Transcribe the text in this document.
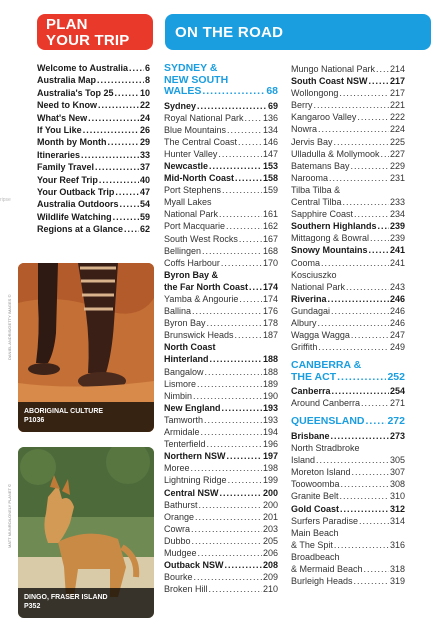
PLAN
YOUR TRIP	ON THE ROAD
ripse
Welcome to Australia ..... 6
Australia Map .....	8
Australia's Top 25 .....	10
Need to Know .....	22
What's New .....	24
If You Like .....	26
Month by Month .....	29
Itineraries .....	33
Family Travel .....	37
Your Reef Trip .....	40
Your Outback Trip .....	47
Australia Outdoors ..... 54
Wildlife Watching .....	59
Regions at a Glance ..... 62
ABORIGINAL CULTURE
P1036
DANIEL ANDRIS/GETTY IMAGES ©
DINGO, FRASER ISLAND
P352
MATT MUNRO/LONELY PLANET ©
SYDNEY &
NEW SOUTH
WALES .....	68
Sydney .....	69
Royal National Park ..... 136
Blue Mountains .....	134
The Central Coast .....	146
Hunter Valley .....	147
Newcastle .....	153
Mid-North Coast .....	158
Port Stephens .....	159
Myall Lakes
National Park .....	161
Port Macquarie .....	162
South West Rocks .....	167
Bellingen .....	168
Coffs Harbour .....	170
Byron Bay &
the Far North Coast ..... 174
Yamba & Angourie .....	174
Ballina .....	176
Byron Bay .....	178
Brunswick Heads .....	187
North Coast
Hinterland .....	188
Bangalow .....	188
Lismore .....	189
Nimbin .....	190
New England .....	193
Tamworth .....	193
Armidale .....	194
Tenterfield .....	196
Northern NSW .....	197
Moree .....	198
Lightning Ridge .....	199
Central NSW .....	200
Bathurst .....	200
Orange .....	201
Cowra .....	203
Dubbo .....	205
Mudgee .....	206
Outback NSW .....	208
Bourke .....	209
Broken Hill .....	210
Mungo National Park ..... 214
South Coast NSW ..... 217
Wollongong .....	217
Berry .....	221
Kangaroo Valley .....	222
Nowra .....	224
Jervis Bay .....	225
Ulladulla & Mollymook ..... 227
Batemans Bay .....	229
Narooma .....	231
Tilba Tilba &
Central Tilba .....	233
Sapphire Coast .....	234
Southern Highlands ..... 239
Mittagong & Bowral ..... 239
Snowy Mountains ..... 241
Cooma .....	241
Kosciuszko
National Park .....	243
Riverina .....	246
Gundagai .....	246
Albury .....	246
Wagga Wagga .....	247
Griffith .....	249
CANBERRA &
THE ACT .....	252
Canberra .....	254
Around Canberra .....	271
QUEENSLAND ..... 272
Brisbane .....	273
North Stradbroke
Island .....	305
Moreton Island .....	307
Toowoomba .....	308
Granite Belt .....	310
Gold Coast .....	312
Surfers Paradise .....	314
Main Beach
& The Spit .....	316
Broadbeach
& Mermaid Beach .....	318
Burleigh Heads .....	319
